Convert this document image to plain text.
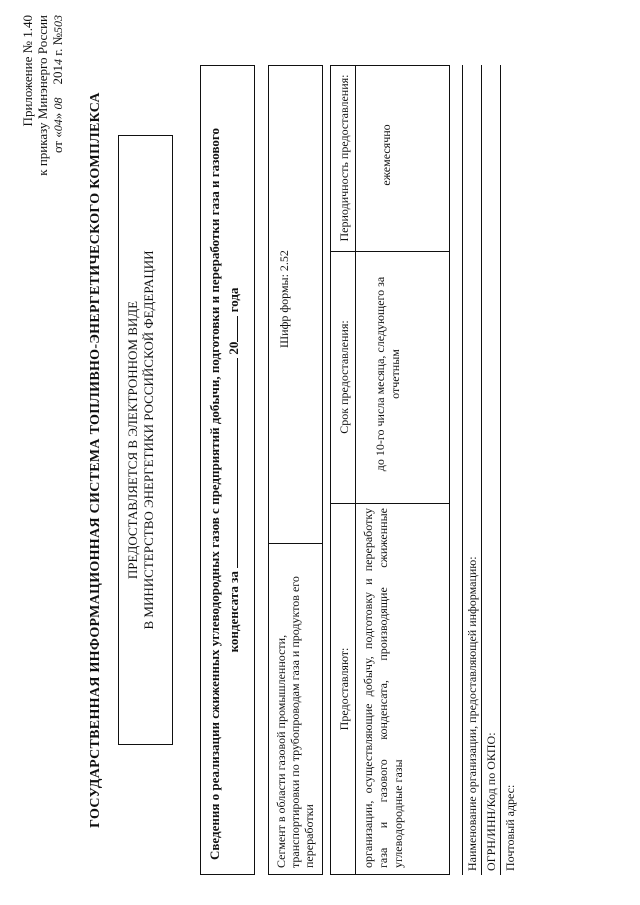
Приложение № 1.40 к приказу Минэнерго России от «04» 08    2014 г. №503
ГОСУДАРСТВЕННАЯ ИНФОРМАЦИОННАЯ СИСТЕМА ТОПЛИВНО-ЭНЕРГЕТИЧЕСКОГО КОМПЛЕКСА ПРЕДОСТАВЛЯЕТСЯ В ЭЛЕКТРОННОМ ВИДЕ В МИНИСТЕРСТВО ЭНЕРГЕТИКИ РОССИЙСКОЙ ФЕДЕРАЦИИ	Сведения о реализации сжиженных углеводородных газов с предприятий добычи, подготовки и переработки газа и газового конденсата за  20 года
Сегмент в области газовой промышленности, транспортировки по трубопроводам газа и продуктов его переработки
Шифр формы: 2.52
Предоставляют:
Срок предоставления:
Периодичность предоставления:
организации, осуществляющие добычу, подготовку и переработку газа и газового конденсата, производящие сжиженные углеводородные газы
до 10-го числа месяца, следующего за отчетным
ежемесячно
Наименование организации, предоставляющей информацию: ОГРН/ИНН/Код по ОКПО: Почтовый адрес:
